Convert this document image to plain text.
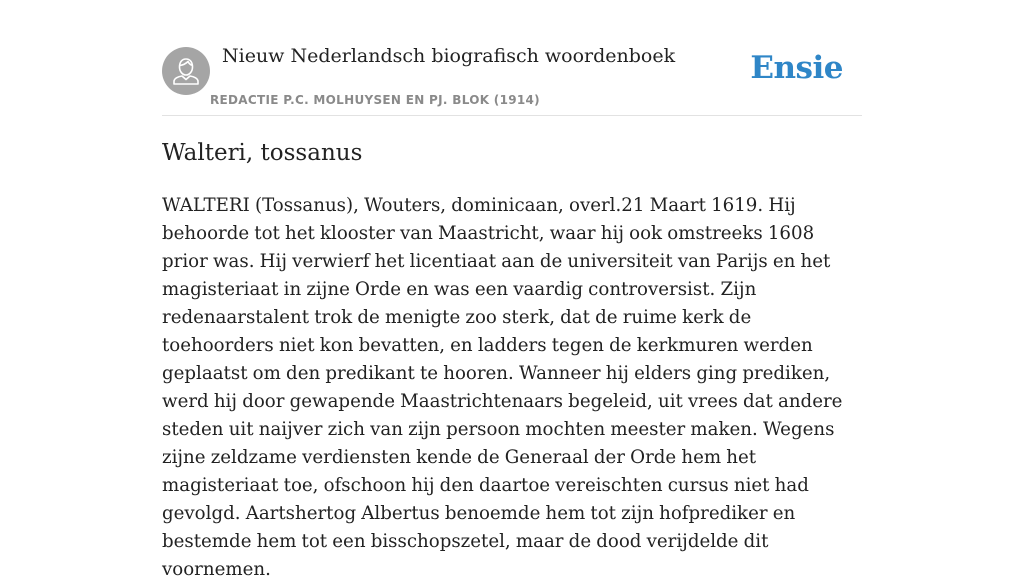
Nieuw Nederlandsch biografisch woordenboek
REDACTIE P.C. MOLHUYSEN EN PJ. BLOK (1914)
Ensie
Walteri, tossanus

WALTERI (Tossanus), Wouters, dominicaan, overl.21 Maart 1619. Hij behoorde tot het klooster van Maastricht, waar hij ook omstreeks 1608 prior was. Hij verwierf het licentiaat aan de universiteit van Parijs en het magisteriaat in zijne Orde en was een vaardig controversist. Zijn redenaarstalent trok de menigte zoo sterk, dat de ruime kerk de toehoorders niet kon bevatten, en ladders tegen de kerkmuren werden geplaatst om den predikant te hooren. Wanneer hij elders ging prediken, werd hij door gewapende Maastrichtenaars begeleid, uit vrees dat andere steden uit naijver zich van zijn persoon mochten meester maken. Wegens zijne zeldzame verdiensten kende de Generaal der Orde hem het magisteriaat toe, ofschoon hij den daartoe vereischten cursus niet had gevolgd. Aartshertog Albertus benoemde hem tot zijn hofprediker en bestemde hem tot een bisschopszetel, maar de dood verijdelde dit voornemen.
